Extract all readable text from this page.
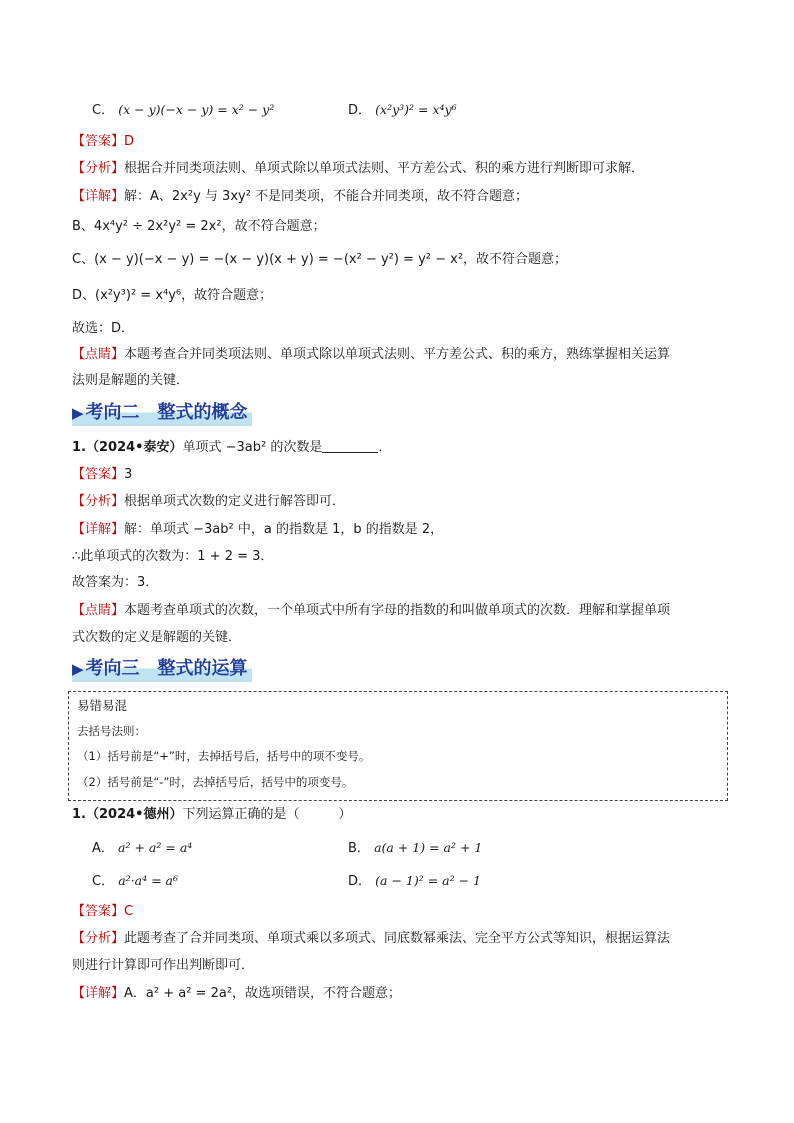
C． (x − y)(−x − y) = x² − y²	D． (x²y³)² = x⁴y⁶
【答案】D
【分析】根据合并同类项法则、单项式除以单项式法则、平方差公式、积的乘方进行判断即可求解．
【详解】解：A、2x²y 与 3xy² 不是同类项，不能合并同类项，故不符合题意；
B、4x⁴y² ÷ 2x²y² = 2x²，故不符合题意；
C、(x − y)(−x − y) = −(x − y)(x + y) = −(x² − y²) = y² − x²，故不符合题意；
D、(x²y³)² = x⁴y⁶，故符合题意；
故选：D．
【点睛】本题考查合并同类项法则、单项式除以单项式法则、平方差公式、积的乘方，熟练掌握相关运算
法则是解题的关键．
▶ 考向二 整式的概念
1.（2024•泰安）单项式 −3ab² 的次数是	．
【答案】3
【分析】根据单项式次数的定义进行解答即可．
【详解】解：单项式 −3ab² 中，a 的指数是 1，b 的指数是 2，
∴此单项式的次数为：1 + 2 = 3．
故答案为：3．
【点睛】本题考查单项式的次数，一个单项式中所有字母的指数的和叫做单项式的次数．理解和掌握单项
式次数的定义是解题的关键．
▶ 考向三 整式的运算
易错易混
去括号法则：
（1）括号前是“+”时，去掉括号后，括号中的项不变号。
（2）括号前是“-”时，去掉括号后，括号中的项变号。
1.（2024•德州）下列运算正确的是（　　　）
A． a² + a² = a⁴	B． a(a + 1) = a² + 1
C． a²·a⁴ = a⁶	D． (a − 1)² = a² − 1
【答案】C
【分析】此题考查了合并同类项、单项式乘以多项式、同底数幂乘法、完全平方公式等知识，根据运算法
则进行计算即可作出判断即可．
【详解】A．a² + a² = 2a²，故选项错误，不符合题意；
